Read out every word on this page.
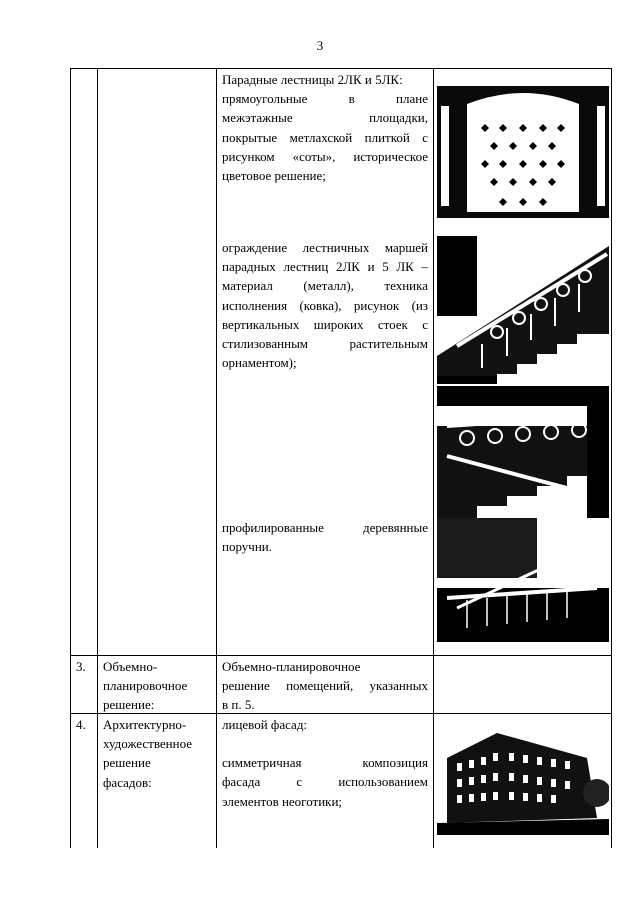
3
Парадные лестницы 2ЛК и 5ЛК:
прямоугольные в плане
межэтажные площадки,
покрытые метлахской плиткой с
рисунком «соты», историческое
цветовое решение;
ограждение лестничных маршей
парадных лестниц 2ЛК и 5 ЛК –
материал (металл), техника
исполнения (ковка), рисунок (из
вертикальных широких стоек с
стилизованным растительным
орнаментом);
профилированные деревянные
поручни.
3. Объемно-
планировочное
решение:
Объемно-планировочное
решение помещений, указанных
в п. 5.
4. Архитектурно-
художественное
решение
фасадов:
лицевой фасад:
симметричная композиция
фасада с использованием
элементов неоготики;
